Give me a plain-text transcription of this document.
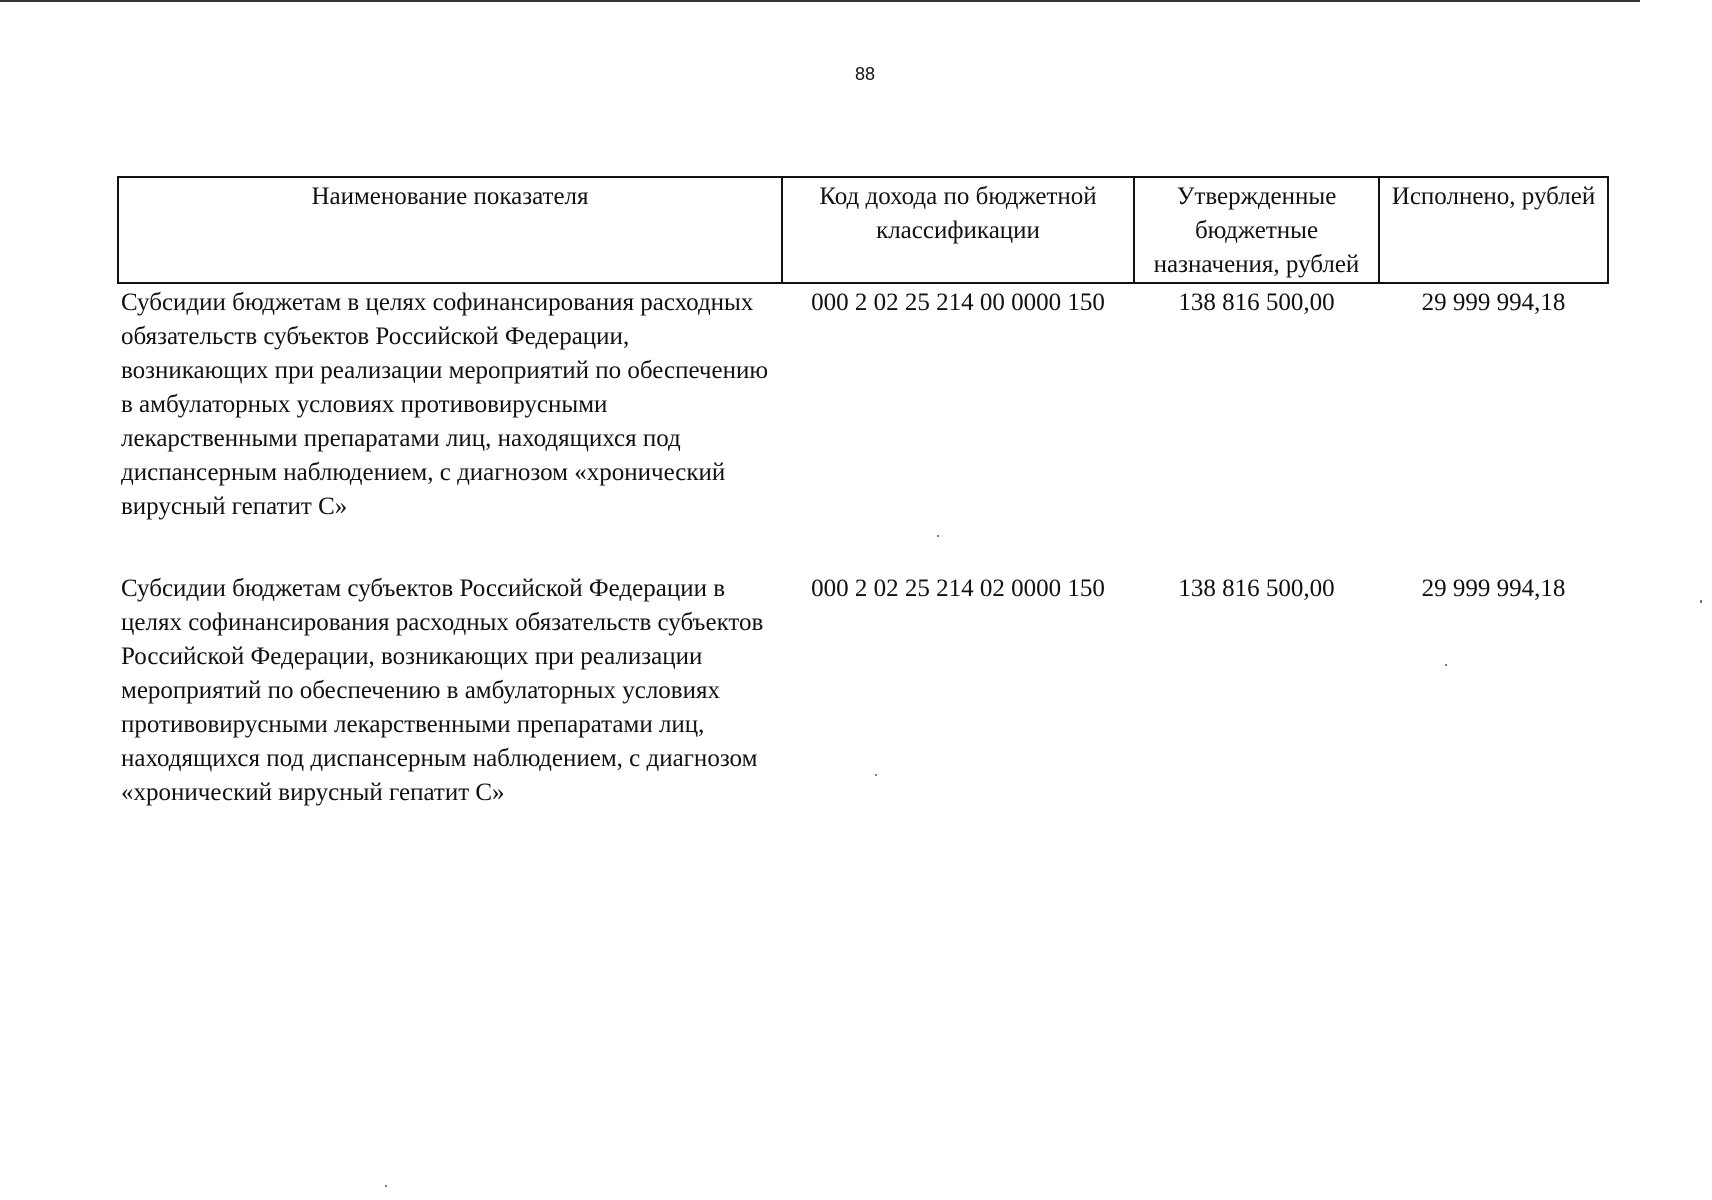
88
Наименование показателя	Код дохода по бюджетной классификации	Утвержденные бюджетные назначения, рублей	Исполнено, рублей
Субсидии бюджетам в целях софинансирования расходных обязательств субъектов Российской Федерации, возникающих при реализации мероприятий по обеспечению в амбулаторных условиях противовирусными лекарственными препаратами лиц, находящихся под диспансерным наблюдением, с диагнозом «хронический вирусный гепатит С»	000 2 02 25 214 00 0000 150	138 816 500,00	29 999 994,18
Субсидии бюджетам субъектов Российской Федерации в целях софинансирования расходных обязательств субъектов Российской Федерации, возникающих при реализации мероприятий по обеспечению в амбулаторных условиях противовирусными лекарственными препаратами лиц, находящихся под диспансерным наблюдением, с диагнозом «хронический вирусный гепатит С»	000 2 02 25 214 02 0000 150	138 816 500,00	29 999 994,18
